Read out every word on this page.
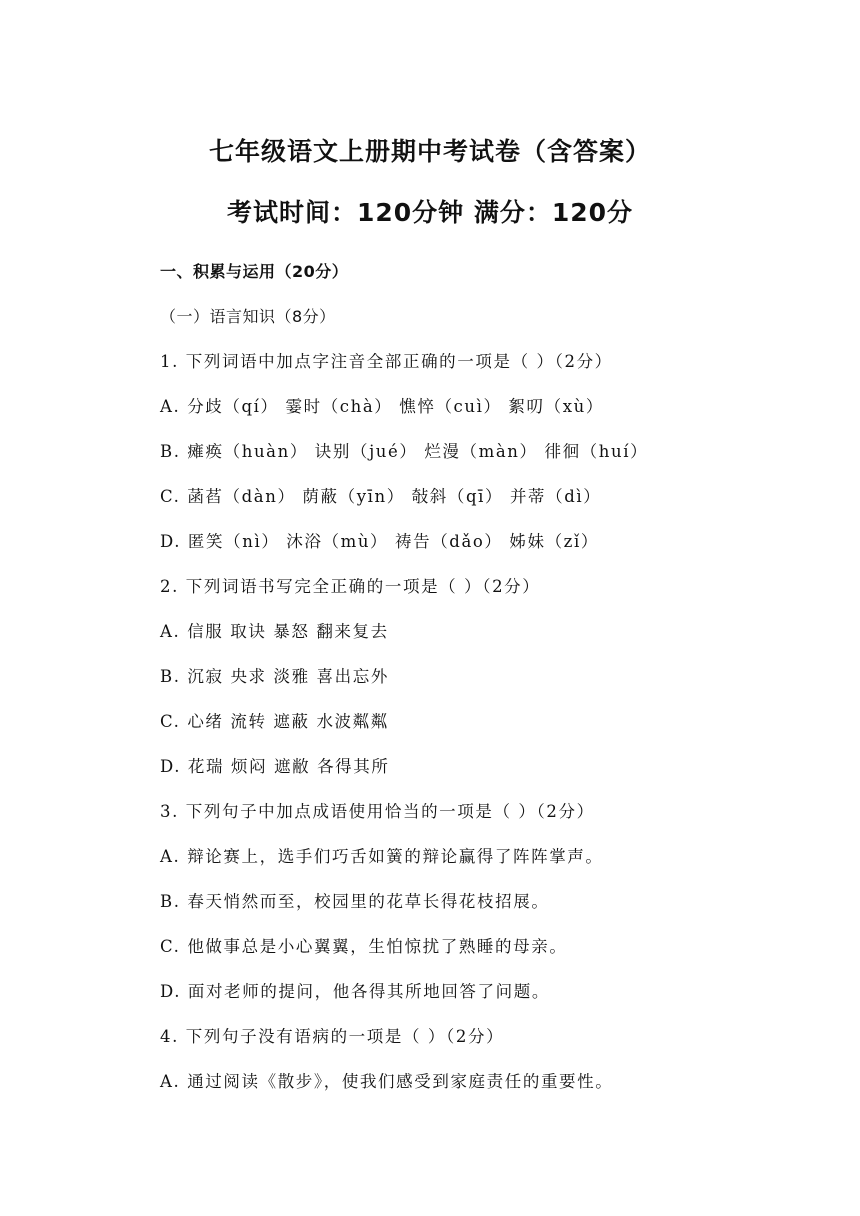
七年级语文上册期中考试卷（含答案）
考试时间：120分钟 满分：120分
一、积累与运用（20分）
（一）语言知识（8分）
1. 下列词语中加点字注音全部正确的一项是（ ）（2分）
A. 分歧（qí） 霎时（chà） 憔悴（cuì） 絮叨（xù）
B. 瘫痪（huàn） 诀别（jué） 烂漫（màn） 徘徊（huí）
C. 菡萏（dàn） 荫蔽（yīn） 敧斜（qī） 并蒂（dì）
D. 匿笑（nì） 沐浴（mù） 祷告（dǎo） 姊妹（zǐ）
2. 下列词语书写完全正确的一项是（ ）（2分）
A. 信服 取诀 暴怒 翻来复去
B. 沉寂 央求 淡雅 喜出忘外
C. 心绪 流转 遮蔽 水波粼粼
D. 花瑞 烦闷 遮敝 各得其所
3. 下列句子中加点成语使用恰当的一项是（ ）（2分）
A. 辩论赛上，选手们巧舌如簧的辩论赢得了阵阵掌声。
B. 春天悄然而至，校园里的花草长得花枝招展。
C. 他做事总是小心翼翼，生怕惊扰了熟睡的母亲。
D. 面对老师的提问，他各得其所地回答了问题。
4. 下列句子没有语病的一项是（ ）（2分）
A. 通过阅读《散步》，使我们感受到家庭责任的重要性。
